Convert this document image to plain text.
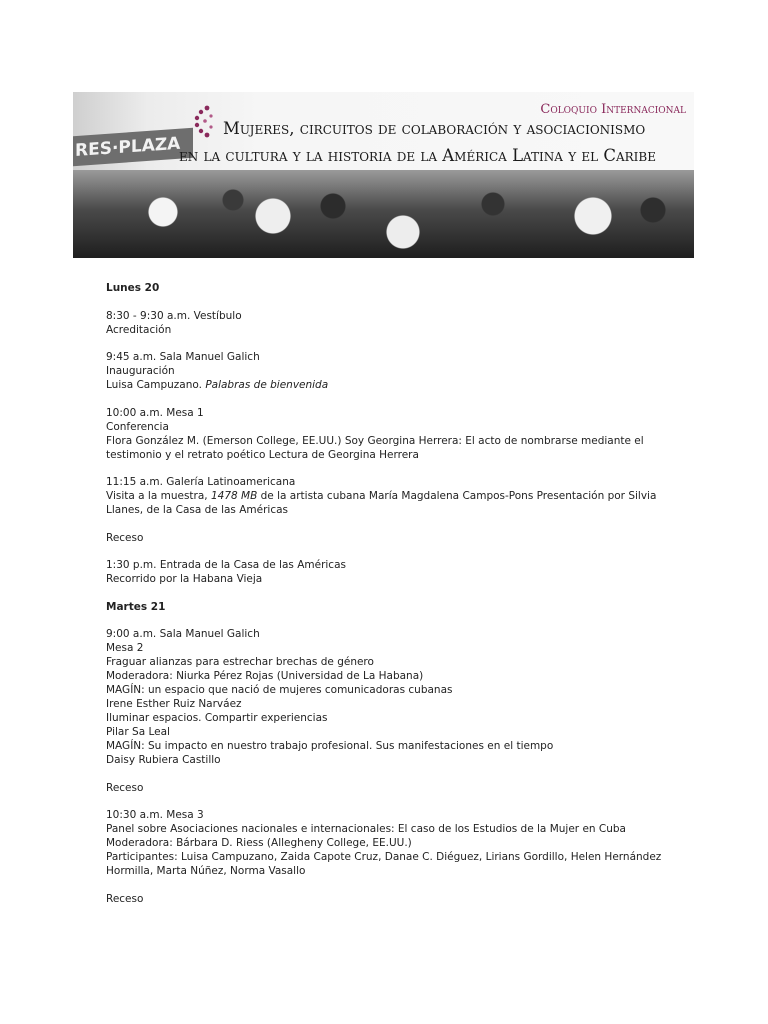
RES·PLAZA
Coloquio Internacional
Mujeres, circuitos de colaboración y asociacionismo
en la cultura y la historia de la América Latina y el Caribe
Lunes 20
8:30 - 9:30 a.m. Vestíbulo
Acreditación
9:45 a.m. Sala Manuel Galich
Inauguración
Luisa Campuzano. Palabras de bienvenida
10:00 a.m. Mesa 1
Conferencia
Flora González M. (Emerson College, EE.UU.) Soy Georgina Herrera: El acto de nombrarse mediante el
testimonio y el retrato poético Lectura de Georgina Herrera
11:15 a.m. Galería Latinoamericana
Visita a la muestra, 1478 MB de la artista cubana María Magdalena Campos-Pons Presentación por Silvia
Llanes, de la Casa de las Américas
Receso
1:30 p.m. Entrada de la Casa de las Américas
Recorrido por la Habana Vieja
Martes 21
9:00 a.m. Sala Manuel Galich
Mesa 2
Fraguar alianzas para estrechar brechas de género
Moderadora: Niurka Pérez Rojas (Universidad de La Habana)
MAGÍN: un espacio que nació de mujeres comunicadoras cubanas
Irene Esther Ruiz Narváez
Iluminar espacios. Compartir experiencias
Pilar Sa Leal
MAGÍN: Su impacto en nuestro trabajo profesional. Sus manifestaciones en el tiempo
Daisy Rubiera Castillo
Receso
10:30 a.m. Mesa 3
Panel sobre Asociaciones nacionales e internacionales: El caso de los Estudios de la Mujer en Cuba
Moderadora: Bárbara D. Riess (Allegheny College, EE.UU.)
Participantes: Luisa Campuzano, Zaida Capote Cruz, Danae C. Diéguez, Lirians Gordillo, Helen Hernández
Hormilla, Marta Núñez, Norma Vasallo
Receso
